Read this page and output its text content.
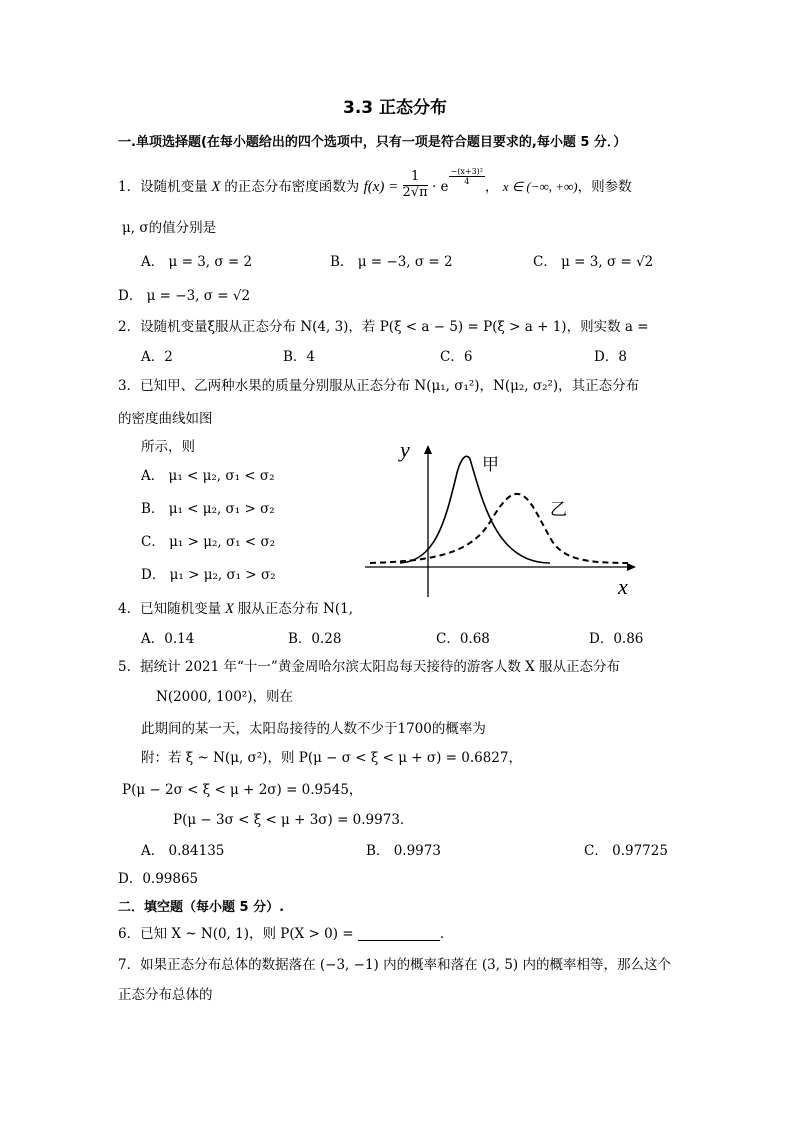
3.3 正态分布
一.单项选择题(在每小题给出的四个选项中，只有一项是符合题目要求的,每小题 5 分．）
1．设随机变量 X 的正态分布密度函数为 $f(x) = \frac{1}{2√\pi} \cdot e$
$\frac{\text{−(x+3)²}}{4}$
， x ∈ (−∞, +∞)，则参数
μ, σ的值分别是
A． μ = 3, σ = 2	B． μ = −3, σ = 2	C． μ = 3, σ = √2
D． μ = −3, σ = √2
2．设随机变量ξ服从正态分布 N(4, 3)，若 P(ξ < a − 5) = P(ξ > a + 1)，则实数 a =
A．2	B．4	C．6	D．8
3．已知甲、乙两种水果的质量分别服从正态分布 N(μ₁, σ₁²)，N(μ₂, σ₂²)，其正态分布
的密度曲线如图
所示，则
A． μ₁ < μ₂, σ₁ < σ₂
B． μ₁ < μ₂, σ₁ > σ₂
C． μ₁ > μ₂, σ₁ < σ₂
D． μ₁ > μ₂, σ₁ > σ₂
y
x
甲
乙
4．已知随机变量 X 服从正态分布 N(1,
A．0.14	B．0.28	C．0.68	D．0.86
5．据统计 2021 年“十一”黄金周哈尔滨太阳岛每天接待的游客人数 X 服从正态分布
N(2000, 100²)，则在
此期间的某一天，太阳岛接待的人数不少于1700的概率为
附：若 ξ ~ N(μ, σ²)，则 P(μ − σ < ξ < μ + σ) = 0.6827，
P(μ − 2σ < ξ < μ + 2σ) = 0.9545，
P(μ − 3σ < ξ < μ + 3σ) = 0.9973．
A． 0.84135	B． 0.9973	C． 0.97725
D．0.99865
二．填空题（每小题 5 分）.
6．已知 X ~ N(0, 1)，则 P(X > 0) =	.
7．如果正态分布总体的数据落在 (−3, −1) 内的概率和落在 (3, 5) 内的概率相等，那么这个
正态分布总体的
